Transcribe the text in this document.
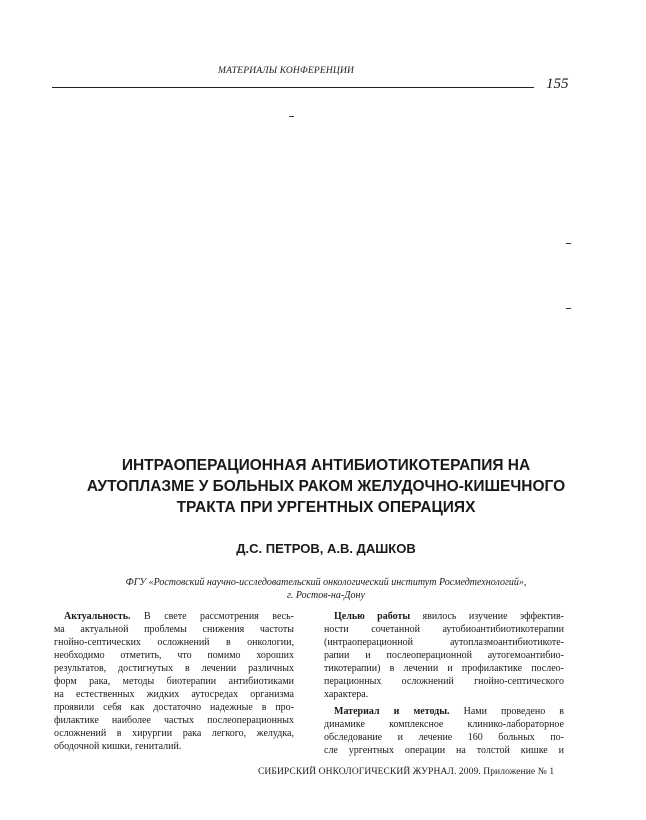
МАТЕРИАЛЫ КОНФЕРЕНЦИИ
155
ИНТРАОПЕРАЦИОННАЯ АНТИБИОТИКОТЕРАПИЯ НА
АУТОПЛАЗМЕ У БОЛЬНЫХ РАКОМ ЖЕЛУДОЧНО-КИШЕЧНОГО
ТРАКТА ПРИ УРГЕНТНЫХ ОПЕРАЦИЯХ
Д.С. ПЕТРОВ, А.В. ДАШКОВ
ФГУ «Ростовский научно-исследовательский онкологический институт Росмедтехнологий»,
г. Ростов-на-Дону
Актуальность. В свете рассмотрения весь-
ма актуальной проблемы снижения частоты
гнойно-септических осложнений в онкологии,
необходимо отметить, что помимо хороших
результатов, достигнутых в лечении различных
форм рака, методы биотерапии антибиотиками
на естественных жидких аутосредах организма
проявили себя как достаточно надежные в про-
филактике наиболее частых послеоперационных
осложнений в хирургии рака легкого, желудка,
ободочной кишки, гениталий.
Целью работы явилось изучение эффектив-
ности сочетанной аутобиоантибиотикотерапии
(интраоперационной аутоплазмоантибиотикоте-
рапии и послеоперационной аутогемоантибио-
тикотерапии) в лечении и профилактике послео-
перационных осложнений гнойно-септического
характера.
Материал и методы. Нами проведено в
динамике комплексное клинико-лабораторное
обследование и лечение 160 больных по-
сле ургентных операции на толстой кишке и
СИБИРСКИЙ ОНКОЛОГИЧЕСКИЙ ЖУРНАЛ. 2009. Приложение № 1
